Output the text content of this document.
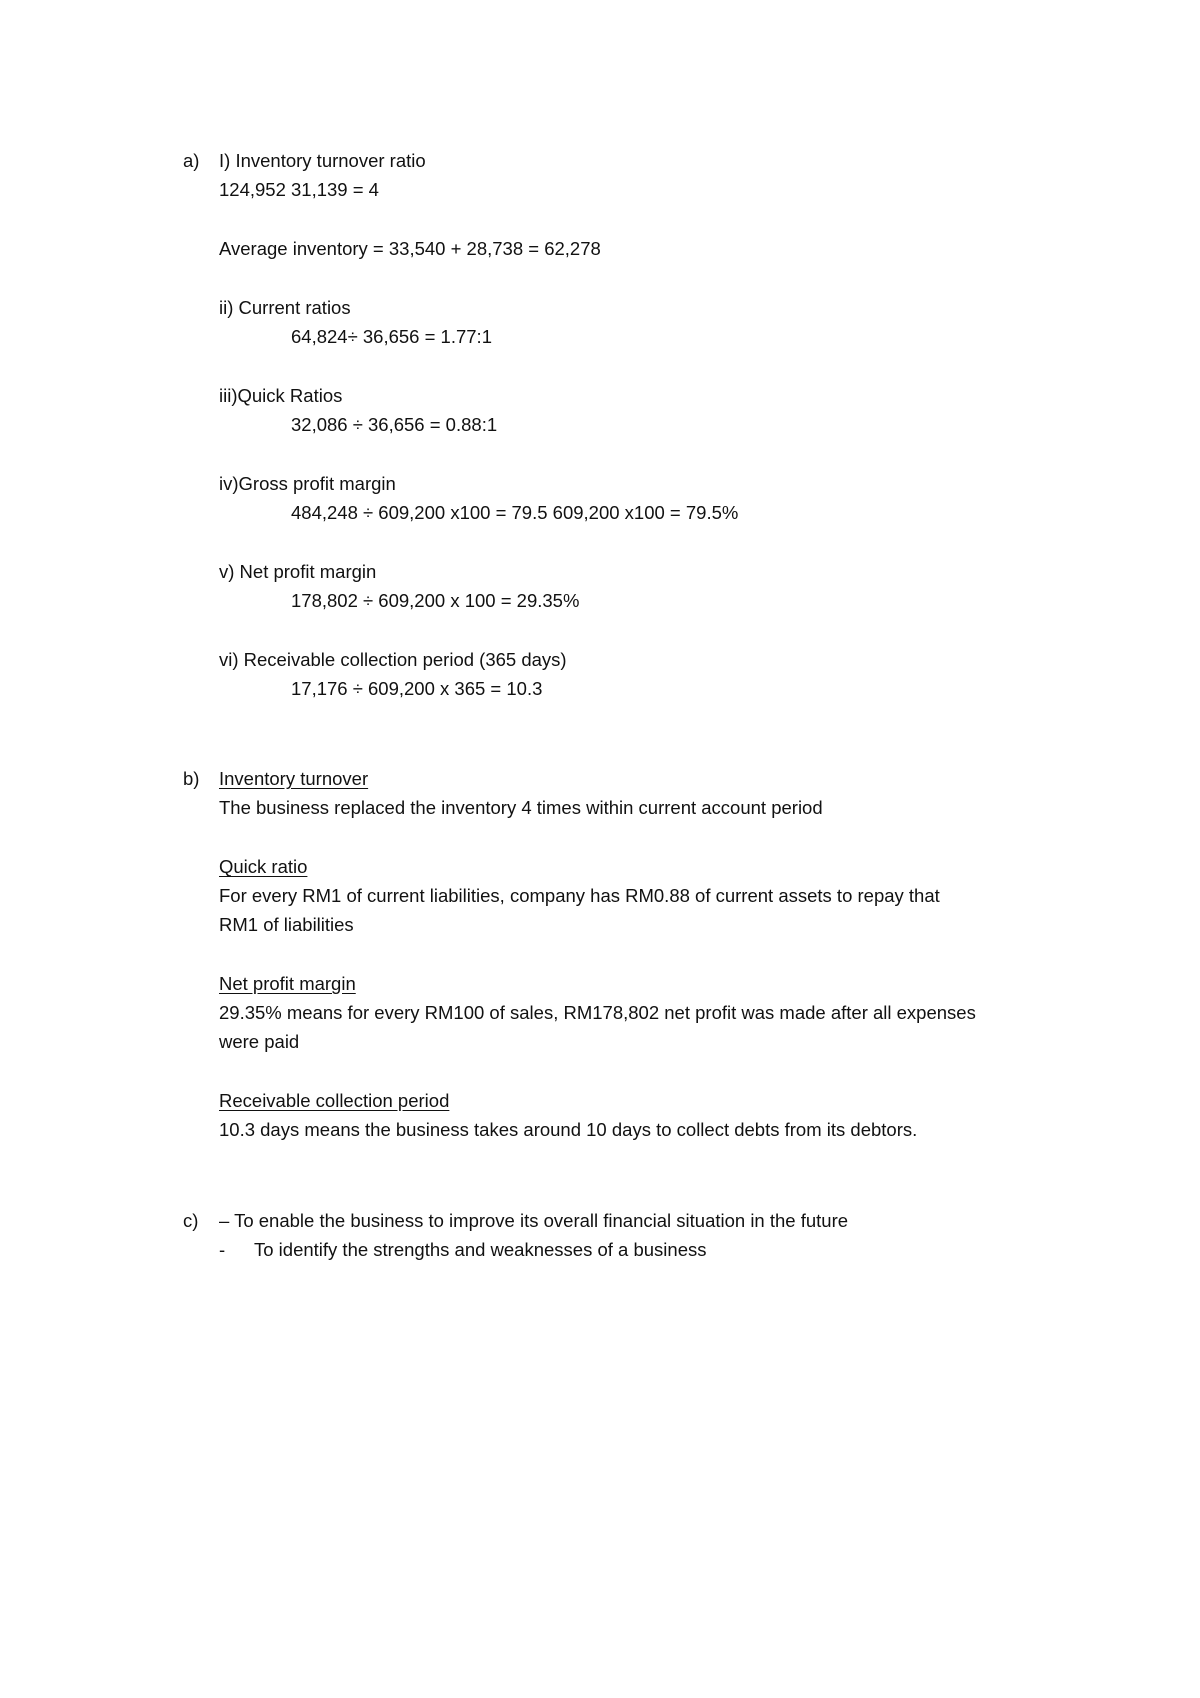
a) I) Inventory turnover ratio
124,952 31,139 = 4
Average inventory = 33,540 + 28,738 = 62,278
ii) Current ratios
64,824÷ 36,656 = 1.77:1
iii)Quick Ratios
32,086 ÷ 36,656 = 0.88:1
iv)Gross profit margin
484,248 ÷ 609,200 x100 = 79.5 609,200 x100 = 79.5%
v) Net profit margin
178,802 ÷ 609,200 x 100 = 29.35%
vi) Receivable collection period (365 days)
17,176 ÷ 609,200 x 365 = 10.3
b) Inventory turnover
The business replaced the inventory 4 times within current account period
Quick ratio
For every RM1 of current liabilities, company has RM0.88 of current assets to repay that
RM1 of liabilities
Net profit margin
29.35% means for every RM100 of sales, RM178,802 net profit was made after all expenses
were paid
Receivable collection period
10.3 days means the business takes around 10 days to collect debts from its debtors.
c) – To enable the business to improve its overall financial situation in the future
- To identify the strengths and weaknesses of a business
